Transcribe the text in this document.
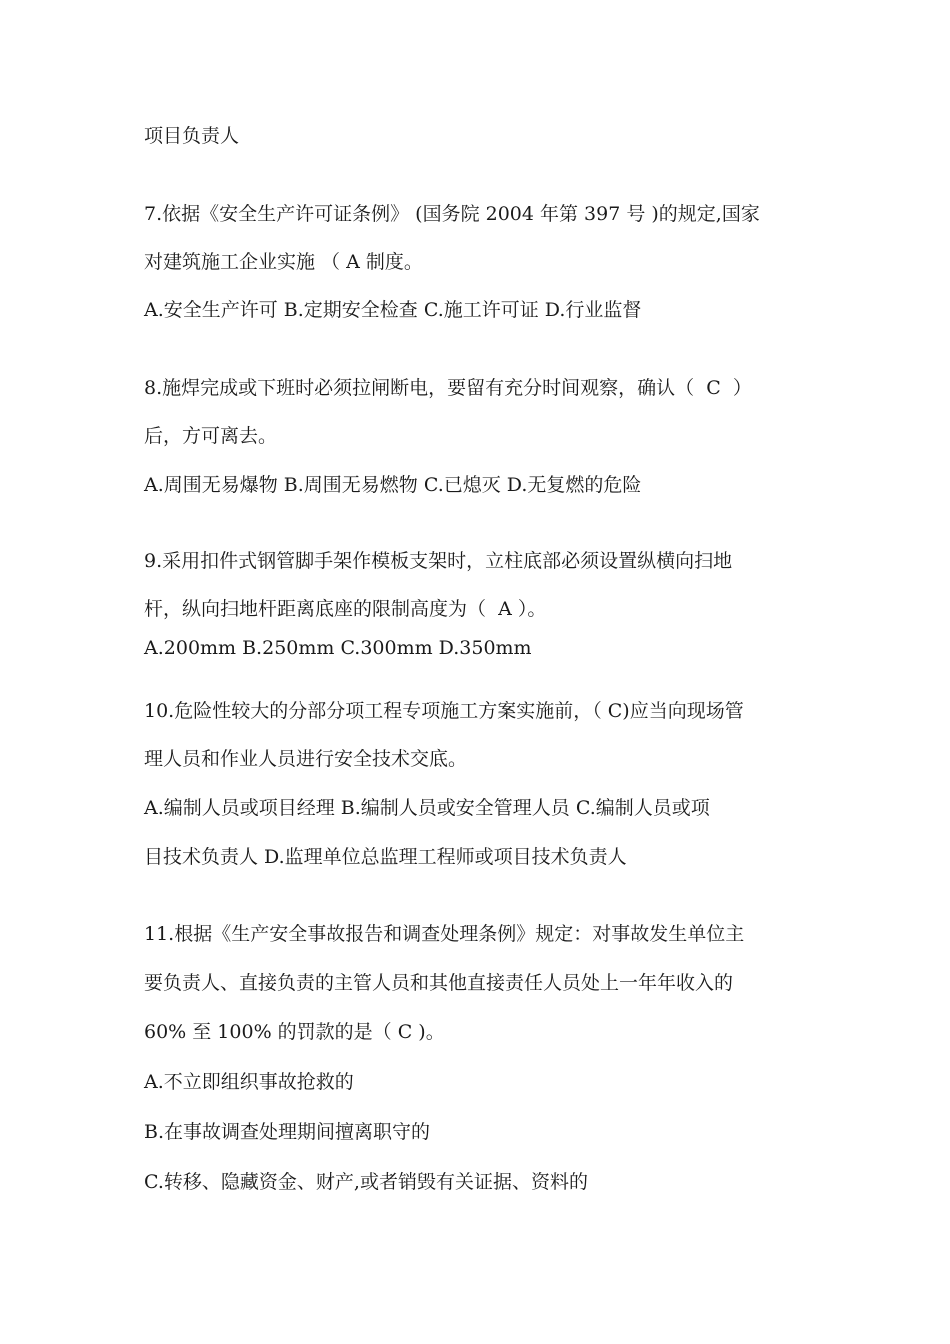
项目负责人
7.依据《安全生产许可证条例》 (国务院 2004 年第 397 号 )的规定,国家
对建筑施工企业实施 （ A 制度。
A.安全生产许可 B.定期安全检查 C.施工许可证 D.行业监督
8.施焊完成或下班时必须拉闸断电，要留有充分时间观察，确认（  C  ）
后，方可离去。
A.周围无易爆物 B.周围无易燃物 C.已熄灭 D.无复燃的危险
9.采用扣件式钢管脚手架作模板支架时，立柱底部必须设置纵横向扫地
杆，纵向扫地杆距离底座的限制高度为（  A ）。
A.200mm B.250mm C.300mm D.350mm
10.危险性较大的分部分项工程专项施工方案实施前，（ C)应当向现场管
理人员和作业人员进行安全技术交底。
A.编制人员或项目经理 B.编制人员或安全管理人员 C.编制人员或项
目技术负责人 D.监理单位总监理工程师或项目技术负责人
11.根据《生产安全事故报告和调查处理条例》规定：对事故发生单位主
要负责人、直接负责的主管人员和其他直接责任人员处上一年年收入的
60% 至 100% 的罚款的是（ C )。
A.不立即组织事故抢救的
B.在事故调查处理期间擅离职守的
C.转移、隐藏资金、财产,或者销毁有关证据、资料的
